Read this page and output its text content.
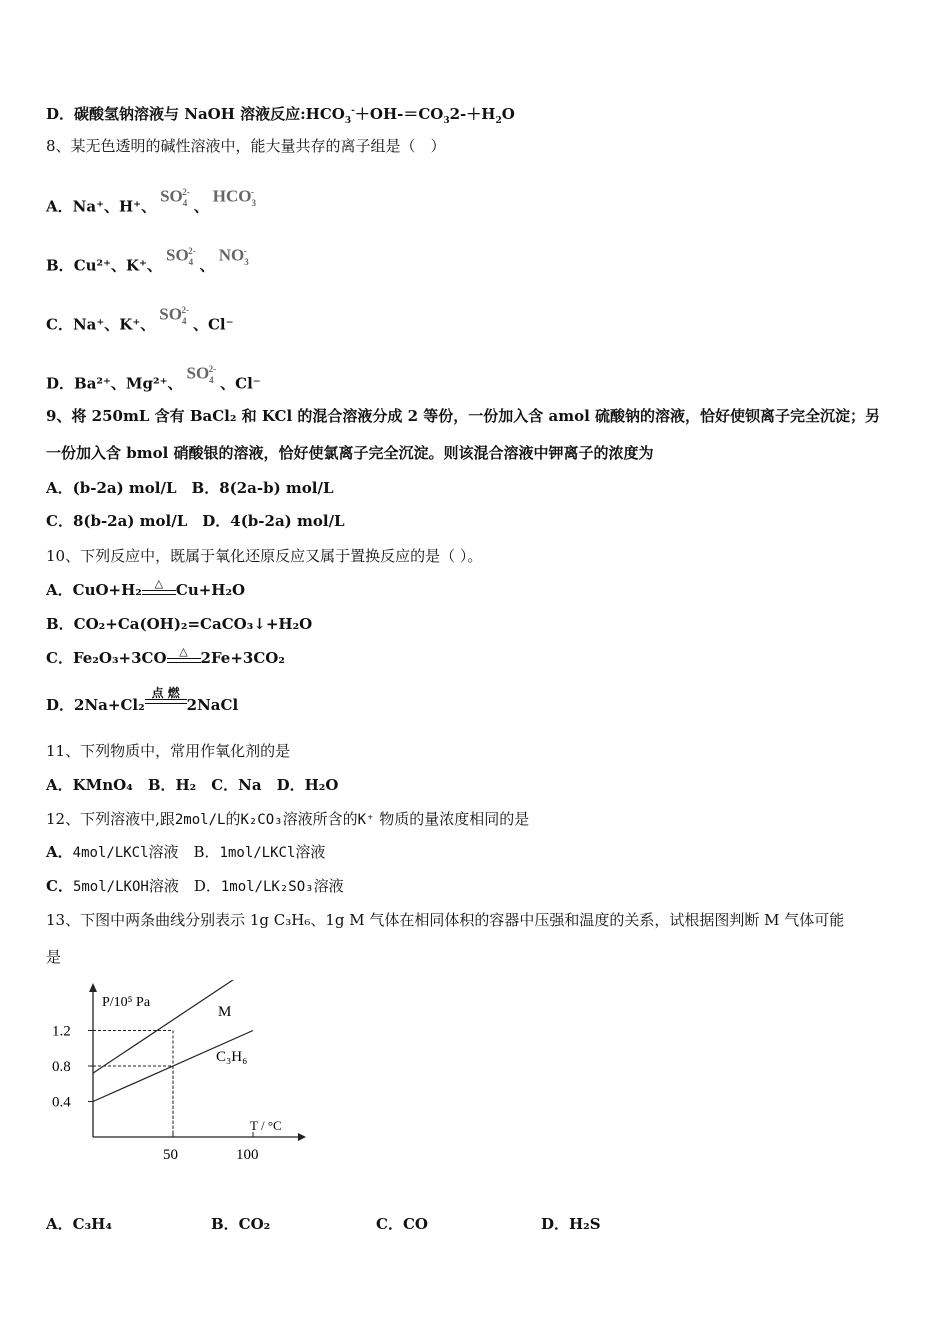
D．碳酸氢钠溶液与 NaOH 溶液反应$:HCO_3^-+OH-=CO_32-+H_2O$
8、某无色透明的碱性溶液中，能大量共存的离子组是（　）
A．Na⁺、H⁺、$SO_4^{2-}$、$HCO_3^-$
B．Cu²⁺、K⁺、$SO_4^{2-}$、$NO_3^-$
C．Na⁺、K⁺、$SO_4^{2-}$、Cl⁻
D．Ba²⁺、Mg²⁺、$SO_4^{2-}$、Cl⁻
9、将 250mL 含有 BaCl₂ 和 KCl 的混合溶液分成 2 等份，一份加入含 amol 硫酸钠的溶液，恰好使钡离子完全沉淀；另
一份加入含 bmol 硝酸银的溶液，恰好使氯离子完全沉淀。则该混合溶液中钾离子的浓度为
A．(b-2a) mol/L　B．8(2a-b) mol/L
C．8(b-2a) mol/L　D．4(b-2a) mol/L
10、下列反应中，既属于氧化还原反应又属于置换反应的是（ ）。
A．CuO+H₂	△ Cu+H₂O
B．CO₂+Ca(OH)₂=CaCO₃↓+H₂O
C．Fe₂O₃+3CO	△ 2Fe+3CO₂
D．2Na+Cl₂
点 燃
2NaCl
11、下列物质中，常用作氧化剂的是
A．KMnO₄　B．H₂　C．Na　D．H₂O
12、下列溶液中,跟2mol/L的K₂CO₃溶液所含的K⁺ 物质的量浓度相同的是
A．4mol/LKCl溶液　B．1mol/LKCl溶液
C．5mol/LKOH溶液　D．1mol/LK₂SO₃溶液
13、下图中两条曲线分别表示 1g C₃H₆、1g M 气体在相同体积的容器中压强和温度的关系，试根据图判断 M 气体可能
是
P/10⁵ Pa
T / °C
0.4
0.8
1.2
50	100
M
C₃H₆
A．C₃H₄	B．CO₂	C．CO	D．H₂S
